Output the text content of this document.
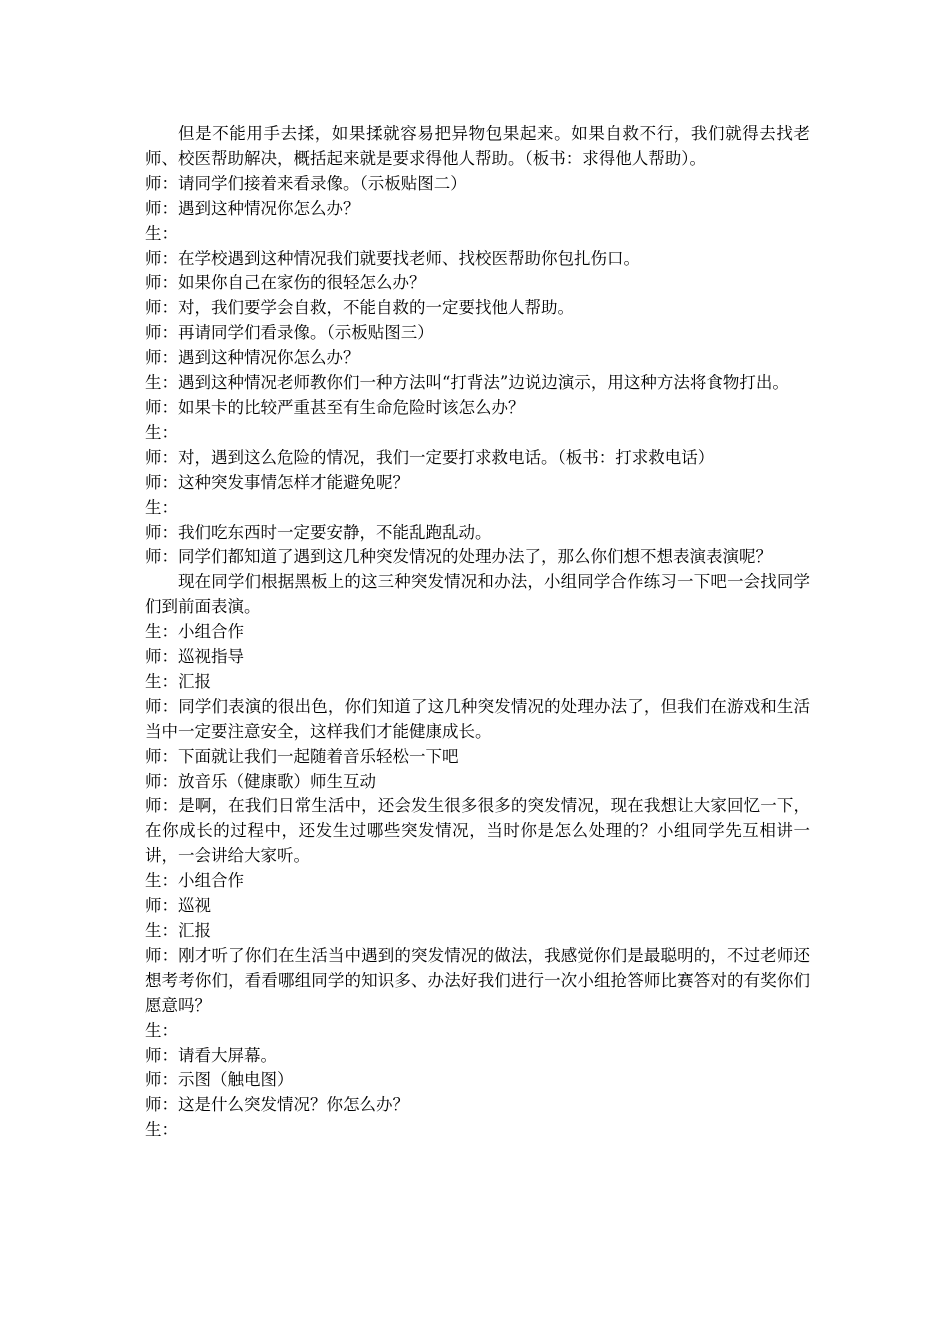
但是不能用手去揉，如果揉就容易把异物包果起来。如果自救不行，我们就得去找老师、校医帮助解决，概括起来就是要求得他人帮助。（板书：求得他人帮助）。

师：请同学们接着来看录像。（示板贴图二）

师：遇到这种情况你怎么办？

生：

师：在学校遇到这种情况我们就要找老师、找校医帮助你包扎伤口。

师：如果你自己在家伤的很轻怎么办？

师：对，我们要学会自救，不能自救的一定要找他人帮助。

师：再请同学们看录像。（示板贴图三）

师：遇到这种情况你怎么办？

生：遇到这种情况老师教你们一种方法叫“打背法”边说边演示，用这种方法将食物打出。

师：如果卡的比较严重甚至有生命危险时该怎么办？

生：

师：对，遇到这么危险的情况，我们一定要打求救电话。（板书：打求救电话）

师：这种突发事情怎样才能避免呢？

生：

师：我们吃东西时一定要安静，不能乱跑乱动。

师：同学们都知道了遇到这几种突发情况的处理办法了，那么你们想不想表演表演呢？

现在同学们根据黑板上的这三种突发情况和办法，小组同学合作练习一下吧一会找同学们到前面表演。

生：小组合作

师：巡视指导

生：汇报

师：同学们表演的很出色，你们知道了这几种突发情况的处理办法了，但我们在游戏和生活当中一定要注意安全，这样我们才能健康成长。

师：下面就让我们一起随着音乐轻松一下吧

师：放音乐（健康歌）师生互动

师：是啊，在我们日常生活中，还会发生很多很多的突发情况，现在我想让大家回忆一下，在你成长的过程中，还发生过哪些突发情况，当时你是怎么处理的？小组同学先互相讲一讲，一会讲给大家听。

生：小组合作

师：巡视

生：汇报

师：刚才听了你们在生活当中遇到的突发情况的做法，我感觉你们是最聪明的，不过老师还想考考你们，看看哪组同学的知识多、办法好我们进行一次小组抢答师比赛答对的有奖你们愿意吗？

生：

师：请看大屏幕。

师：示图（触电图）

师：这是什么突发情况？你怎么办？

生：
